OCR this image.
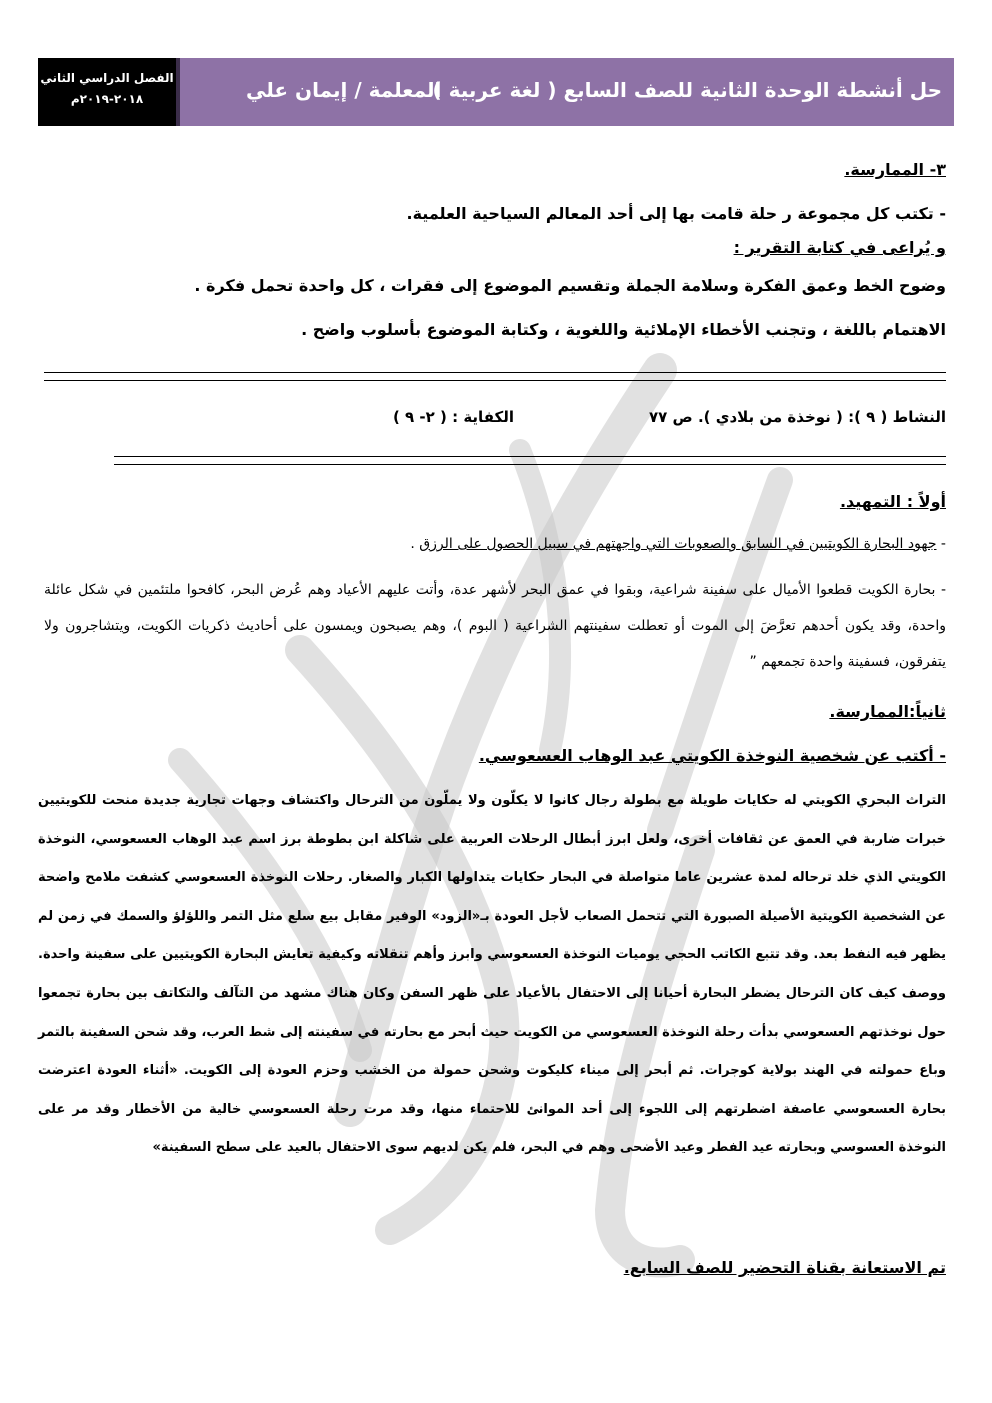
الفصل الدراسي الثاني
٢٠١٨-٢٠١٩م	حل أنشطة الوحدة الثانية للصف السابع ( لغة عربية )
المعلمة / إيمان علي
٣- الممارسة.
- تكتب كل مجموعة ر حلة قامت بها إلى أحد المعالم السياحية العلمية.
و يُراعى في كتابة التقرير :
وضوح الخط وعمق الفكرة وسلامة الجملة وتقسيم الموضوع إلى فقرات ، كل واحدة تحمل فكرة .
الاهتمام باللغة ، وتجنب الأخطاء الإملائية واللغوية ، وكتابة الموضوع بأسلوب واضح .
النشاط ( ٩ ): ( نوخذة من بلادي ). ص ٧٧
الكفاية : ( ٢- ٩ )
أولاً : التمهيد.
- جهود البحارة الكويتيين في السابق والصعوبات التي واجهتهم في سبيل الحصول على الرزق .
- بحارة الكويت قطعوا الأميال على سفينة شراعية، وبقوا في عمق البحر لأشهر عدة، وأتت عليهم الأعياد وهم عُرض البحر، كافحوا ملتئمين في شكل عائلة واحدة، وقد يكون أحدهم تعرَّضَ إلى الموت أو تعطلت سفينتهم الشراعية ( البوم )، وهم يصبحون ويمسون على أحاديث ذكريات الكويت، ويتشاجرون ولا يتفرقون، فسفينة واحدة تجمعهم ”
ثانياً:الممارسة.
- أكتب عن شخصية النوخذة الكويتي عبد الوهاب العسعوسي.
التراث البحري الكويتي له حكايات طويلة مع بطولة رجال كانوا لا يكلّون ولا يملّون من الترحال واكتشاف وجهات تجارية جديدة منحت للكويتيين خبرات ضاربة في العمق عن ثقافات أخرى، ولعل ابرز أبطال الرحلات العربية على شاكلة ابن بطوطة برز اسم عبد الوهاب العسعوسي، النوخذة الكويتي الذي خلد ترحاله لمدة عشرين عاما متواصلة في البحار حكايات يتداولها الكبار والصغار. رحلات النوخذة العسعوسي كشفت ملامح واضحة عن الشخصية الكويتية الأصيلة الصبورة التي تتحمل الصعاب لأجل العودة بـ«الزود» الوفير مقابل بيع سلع مثل التمر واللؤلؤ والسمك في زمن لم يظهر فيه النفط بعد. وقد تتبع الكاتب الحجي يوميات النوخذة العسعوسي وابرز وأهم تنقلاته وكيفية تعايش البحارة الكويتيين على سفينة واحدة. ووصف كيف كان الترحال يضطر البحارة أحيانا إلى الاحتفال بالأعياد على ظهر السفن وكان هناك مشهد من التآلف والتكاتف بين بحارة تجمعوا حول نوخذتهم العسعوسي بدأت رحلة النوخذة العسعوسي من الكويت حيث أبحر مع بحارته في سفينته إلى شط العرب، وقد شحن السفينة بالتمر وباع حمولته في الهند بولاية كوجرات. ثم أبحر إلى ميناء كليكوت وشحن حمولة من الخشب وحزم العودة إلى الكويت. «أثناء العودة اعترضت بحارة العسعوسي عاصفة اضطرتهم إلى اللجوء إلى أحد الموانئ للاحتماء منها، وقد مرت رحلة العسعوسي خالية من الأخطار وقد مر على النوخذة العسوسي وبحارته عيد الفطر وعيد الأضحى وهم في البحر، فلم يكن لديهم سوى الاحتفال بالعيد على سطح السفينة»
تم الاستعانة بقناة التحضير للصف السابع.
